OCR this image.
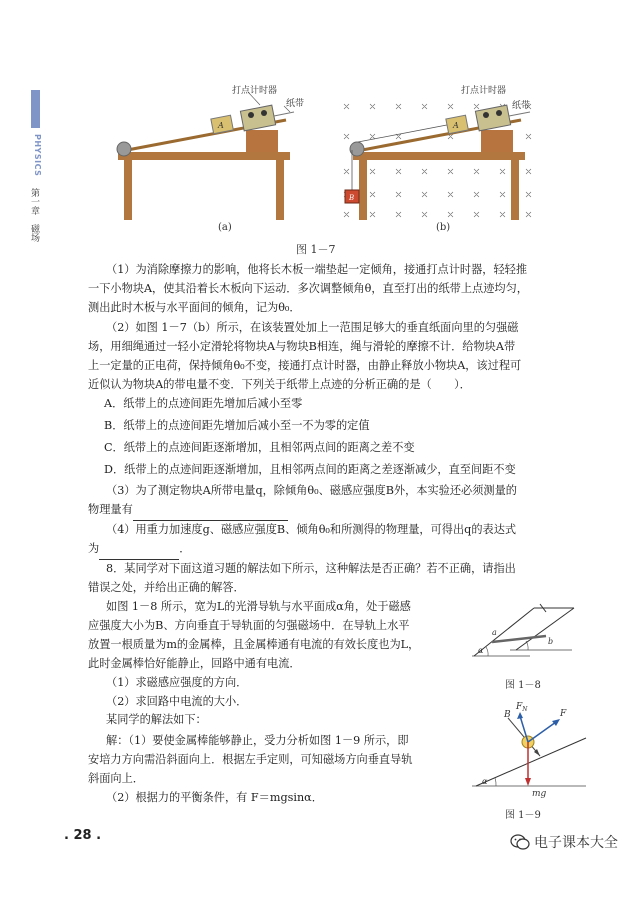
PHYSICS
第一章　磁场
打点计时器
纸带
A
(a)
打点计时器
纸带
A
B
(b)
图 1－7
（1）为消除摩擦力的影响，他将长木板一端垫起一定倾角，接通打点计时器，轻轻推

一下小物块A，使其沿着长木板向下运动．多次调整倾角θ，直至打出的纸带上点迹均匀，
测出此时木板与水平面间的倾角，记为θ₀．
（2）如图 1－7（b）所示，在该装置处加上一范围足够大的垂直纸面向里的匀强磁
场，用细绳通过一轻小定滑轮将物块A与物块B相连，绳与滑轮的摩擦不计．给物块A带
上一定量的正电荷，保持倾角θ₀不变，接通打点计时器，由静止释放小物块A，该过程可
近似认为物块A的带电量不变．下列关于纸带上点迹的分析正确的是（　　）．
A．纸带上的点迹间距先增加后减小至零
B．纸带上的点迹间距先增加后减小至一不为零的定值
C．纸带上的点迹间距逐渐增加，且相邻两点间的距离之差不变
D．纸带上的点迹间距逐渐增加，且相邻两点间的距离之差逐渐减少，直至间距不变
（3）为了测定物块A所带电量q，除倾角θ₀、磁感应强度B外，本实验还必须测量的
物理量有
（4）用重力加速度g、磁感应强度B、倾角θ₀和所测得的物理量，可得出q的表达式
为	．
8．某同学对下面这道习题的解法如下所示，这种解法是否正确？若不正确，请指出
错误之处，并给出正确的解答．
如图 1－8 所示，宽为L的光滑导轨与水平面成α角，处于磁感
应强度大小为B、方向垂直于导轨面的匀强磁场中．在导轨上水平
放置一根质量为m的金属棒，且金属棒通有电流的有效长度也为L，
此时金属棒恰好能静止，回路中通有电流．
（1）求磁感应强度的方向．
（2）求回路中电流的大小．
某同学的解法如下：
解：（1）要使金属棒能够静止，受力分析如图 1－9 所示，即
安培力方向需沿斜面向上．根据左手定则，可知磁场方向垂直导轨
斜面向上．
（2）根据力的平衡条件，有 F＝mgsinα．
a
b
α
图 1－8
B
$F_N$	F
mg
α
图 1－9
. 28 .	电子课本大全
